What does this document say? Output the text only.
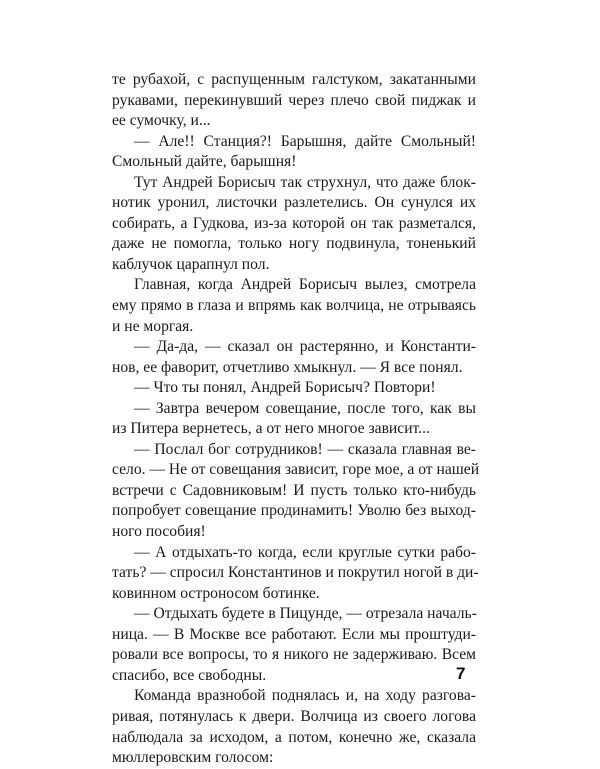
те рубахой, с распущенным галстуком, закатанными
рукавами, перекинувший через плечо свой пиджак и
ее сумочку, и...
— Але!! Станция?! Барышня, дайте Смольный!
Смольный дайте, барышня!
Тут Андрей Борисыч так струхнул, что даже блок-
нотик уронил, листочки разлетелись. Он сунулся их
собирать, а Гудкова, из-за которой он так разметался,
даже не помогла, только ногу подвинула, тоненький
каблучок царапнул пол.
Главная, когда Андрей Борисыч вылез, смотрела
ему прямо в глаза и впрямь как волчица, не отрываясь
и не моргая.
— Да-да, — сказал он растерянно, и Константи-
нов, ее фаворит, отчетливо хмыкнул. — Я все понял.
— Что ты понял, Андрей Борисыч? Повтори!
— Завтра вечером совещание, после того, как вы
из Питера вернетесь, а от него многое зависит...
— Послал бог сотрудников! — сказала главная ве-
село. — Не от совещания зависит, горе мое, а от нашей
встречи с Садовниковым! И пусть только кто-нибудь
попробует совещание продинамить! Уволю без выход-
ного пособия!
— А отдыхать-то когда, если круглые сутки рабо-
тать? — спросил Константинов и покрутил ногой в ди-
ковинном остроносом ботинке.
— Отдыхать будете в Пицунде, — отрезала началь-
ница. — В Москве все работают. Если мы проштуди-
ровали все вопросы, то я никого не задерживаю. Всем
спасибо, все свободны.
Команда вразнобой поднялась и, на ходу разгова-
ривая, потянулась к двери. Волчица из своего логова
наблюдала за исходом, а потом, конечно же, сказала
мюллеровским голосом:
7
